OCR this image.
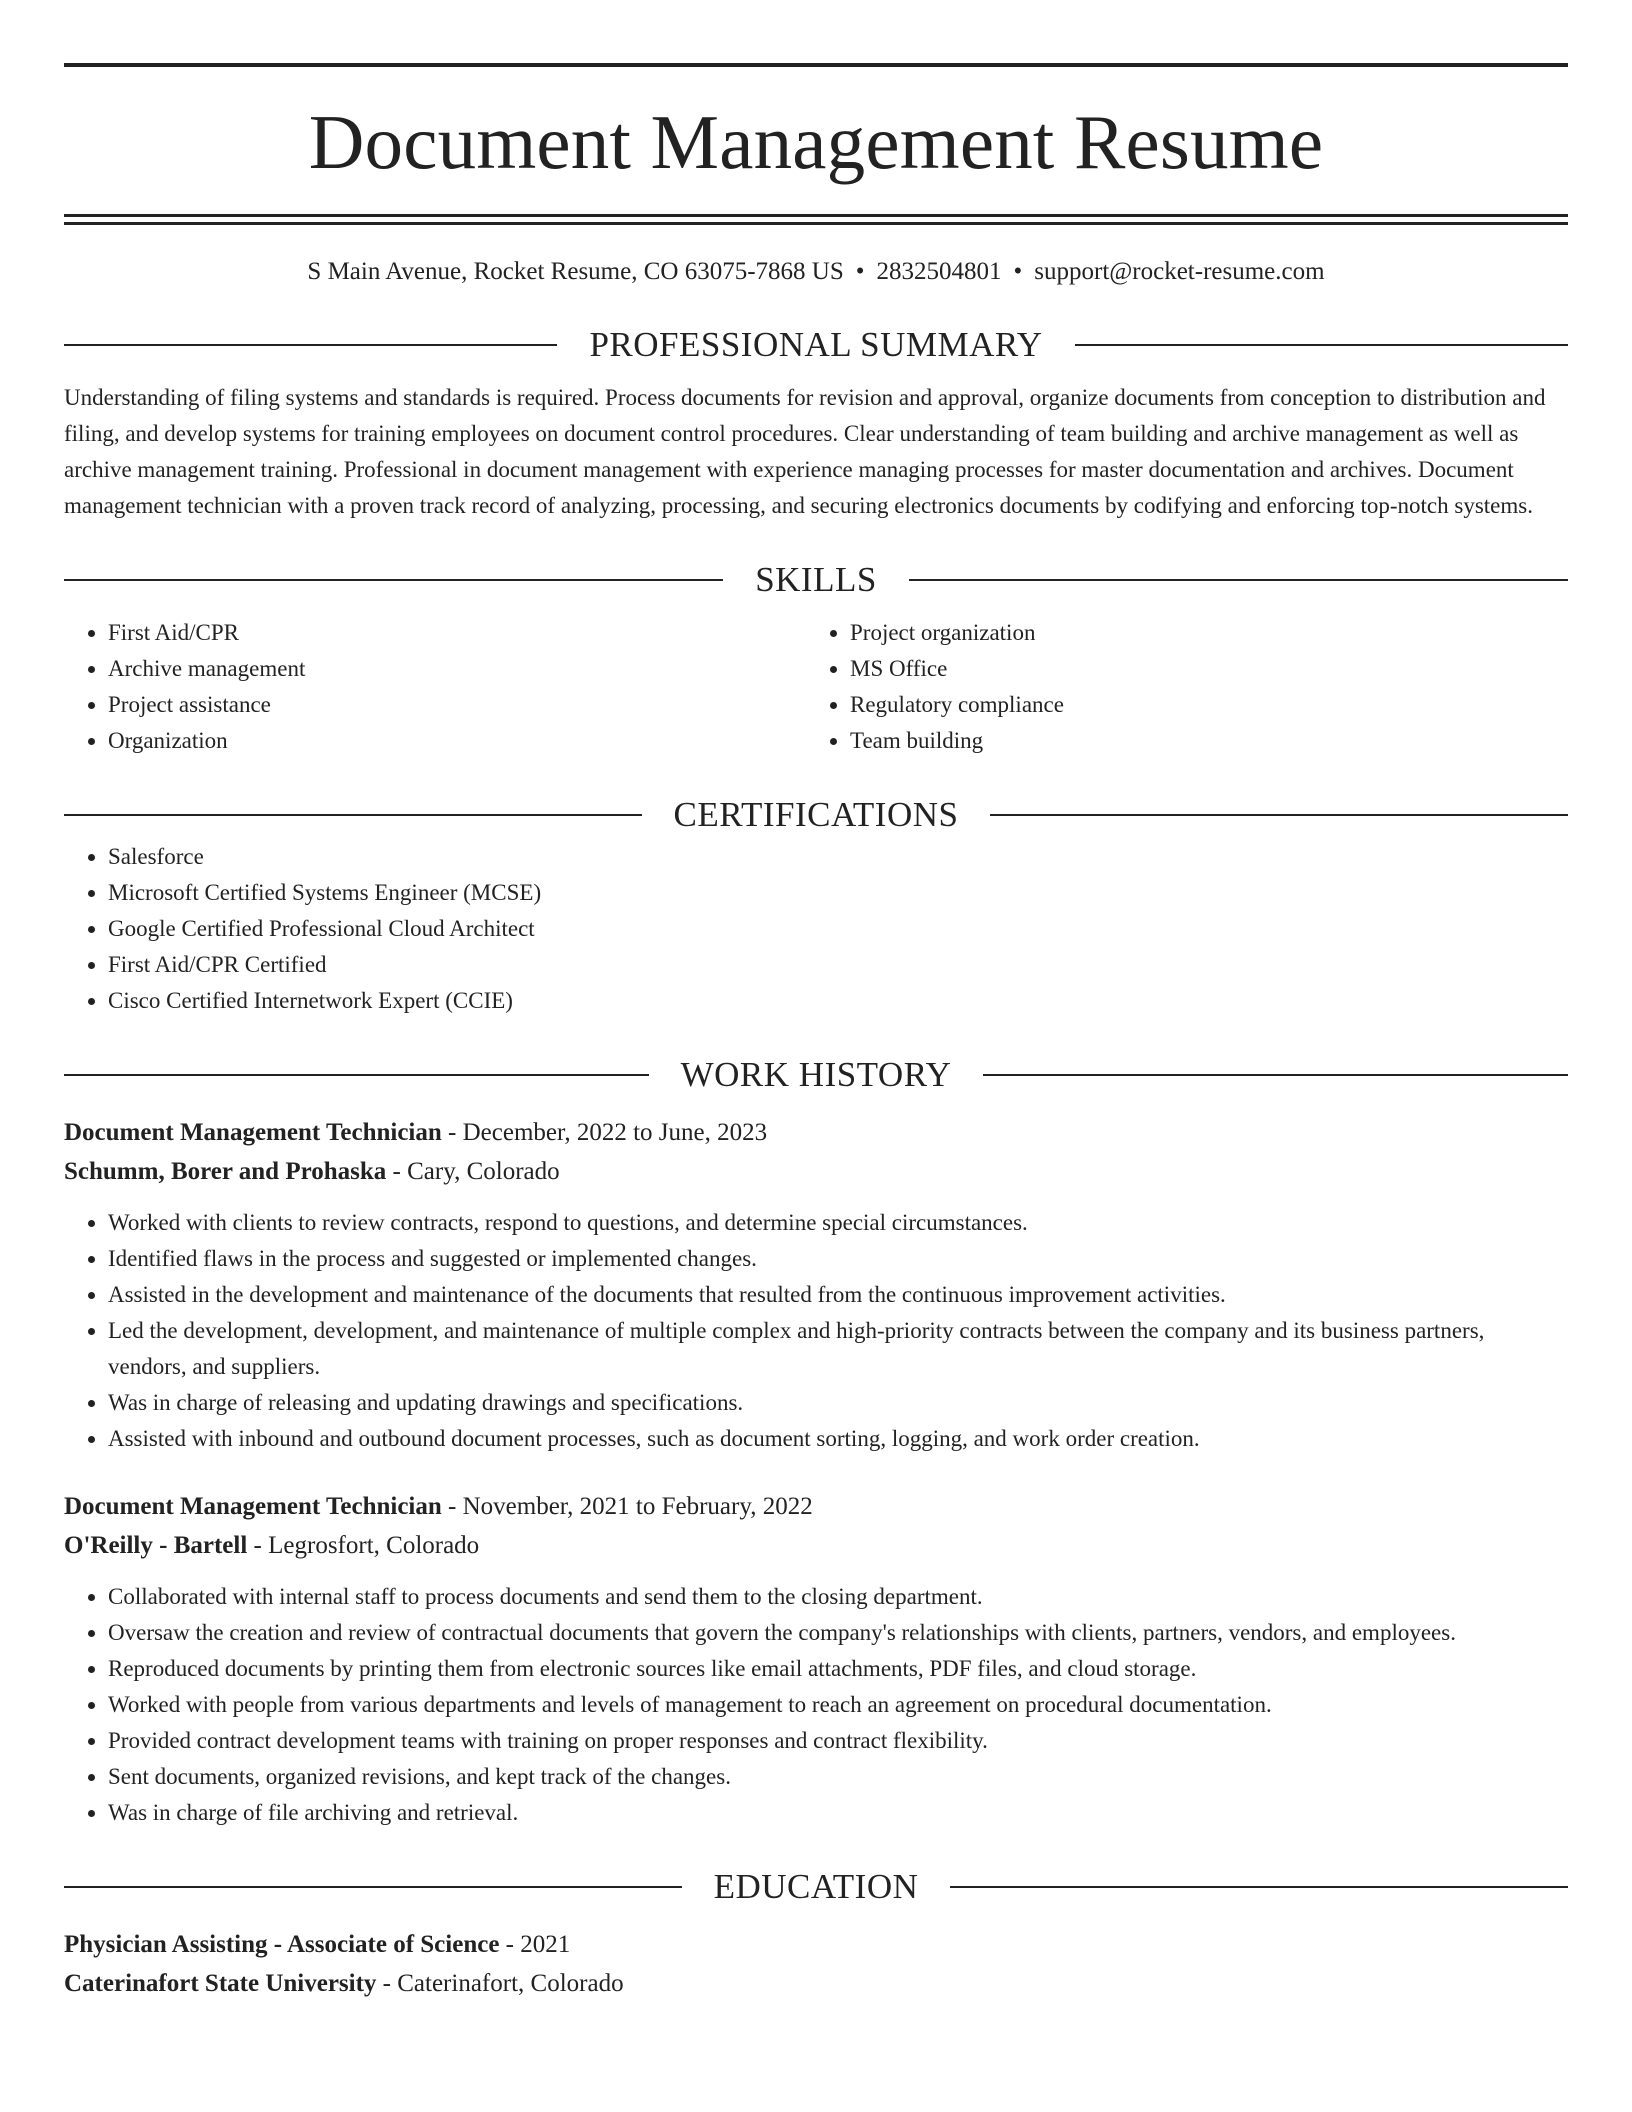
Document Management Resume
S Main Avenue, Rocket Resume, CO 63075-7868 US • 2832504801 • support@rocket-resume.com
PROFESSIONAL SUMMARY
Understanding of filing systems and standards is required. Process documents for revision and approval, organize documents from conception to distribution and filing, and develop systems for training employees on document control procedures. Clear understanding of team building and archive management as well as archive management training. Professional in document management with experience managing processes for master documentation and archives. Document management technician with a proven track record of analyzing, processing, and securing electronics documents by codifying and enforcing top-notch systems.
SKILLS
• First Aid/CPR
• Archive management
• Project assistance
• Organization
• Project organization
• MS Office
• Regulatory compliance
• Team building
CERTIFICATIONS
• Salesforce
• Microsoft Certified Systems Engineer (MCSE)
• Google Certified Professional Cloud Architect
• First Aid/CPR Certified
• Cisco Certified Internetwork Expert (CCIE)
WORK HISTORY
Document Management Technician - December, 2022 to June, 2023
Schumm, Borer and Prohaska - Cary, Colorado
• Worked with clients to review contracts, respond to questions, and determine special circumstances.
• Identified flaws in the process and suggested or implemented changes.
• Assisted in the development and maintenance of the documents that resulted from the continuous improvement activities.
• Led the development, development, and maintenance of multiple complex and high-priority contracts between the company and its business partners, vendors, and suppliers.
• Was in charge of releasing and updating drawings and specifications.
• Assisted with inbound and outbound document processes, such as document sorting, logging, and work order creation.
Document Management Technician - November, 2021 to February, 2022
O'Reilly - Bartell - Legrosfort, Colorado
• Collaborated with internal staff to process documents and send them to the closing department.
• Oversaw the creation and review of contractual documents that govern the company's relationships with clients, partners, vendors, and employees.
• Reproduced documents by printing them from electronic sources like email attachments, PDF files, and cloud storage.
• Worked with people from various departments and levels of management to reach an agreement on procedural documentation.
• Provided contract development teams with training on proper responses and contract flexibility.
• Sent documents, organized revisions, and kept track of the changes.
• Was in charge of file archiving and retrieval.
EDUCATION
Physician Assisting - Associate of Science - 2021
Caterinafort State University - Caterinafort, Colorado
